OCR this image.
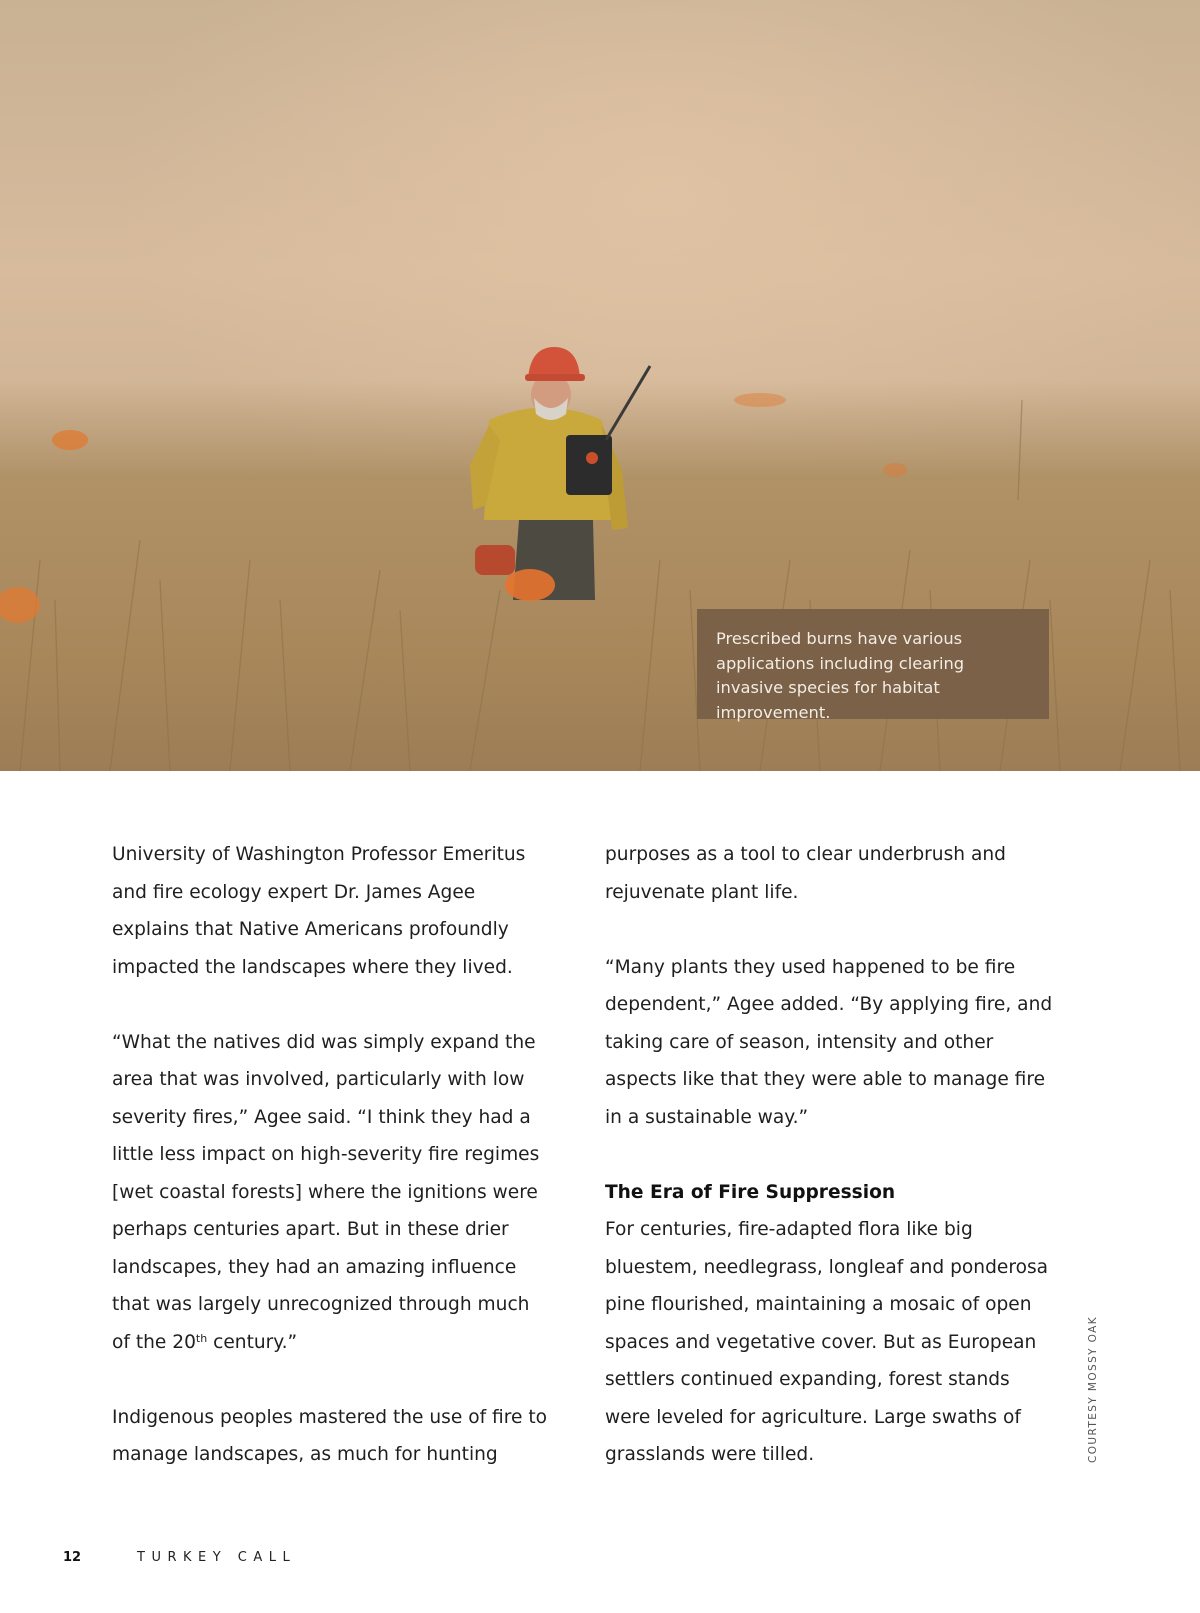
Prescribed burns have various applications including clearing invasive species for habitat improvement.

University of Washington Professor Emeritus and fire ecology expert Dr. James Agee explains that Native Americans profoundly impacted the landscapes where they lived.

“What the natives did was simply expand the area that was involved, particularly with low severity fires,” Agee said. “I think they had a little less impact on high-severity fire regimes [wet coastal forests] where the ignitions were perhaps centuries apart. But in these drier landscapes, they had an amazing influence that was largely unrecognized through much of the 20th century.”

Indigenous peoples mastered the use of fire to manage landscapes, as much for hunting

purposes as a tool to clear underbrush and rejuvenate plant life.

“Many plants they used happened to be fire dependent,” Agee added. “By applying fire, and taking care of season, intensity and other aspects like that they were able to manage fire in a sustainable way.”

The Era of Fire Suppression

For centuries, fire-adapted flora like big bluestem, needlegrass, longleaf and ponderosa pine flourished, maintaining a mosaic of open spaces and vegetative cover. But as European settlers continued expanding, forest stands were leveled for agriculture. Large swaths of grasslands were tilled.	COURTESY MOSSY OAK
12	TURKEY CALL
